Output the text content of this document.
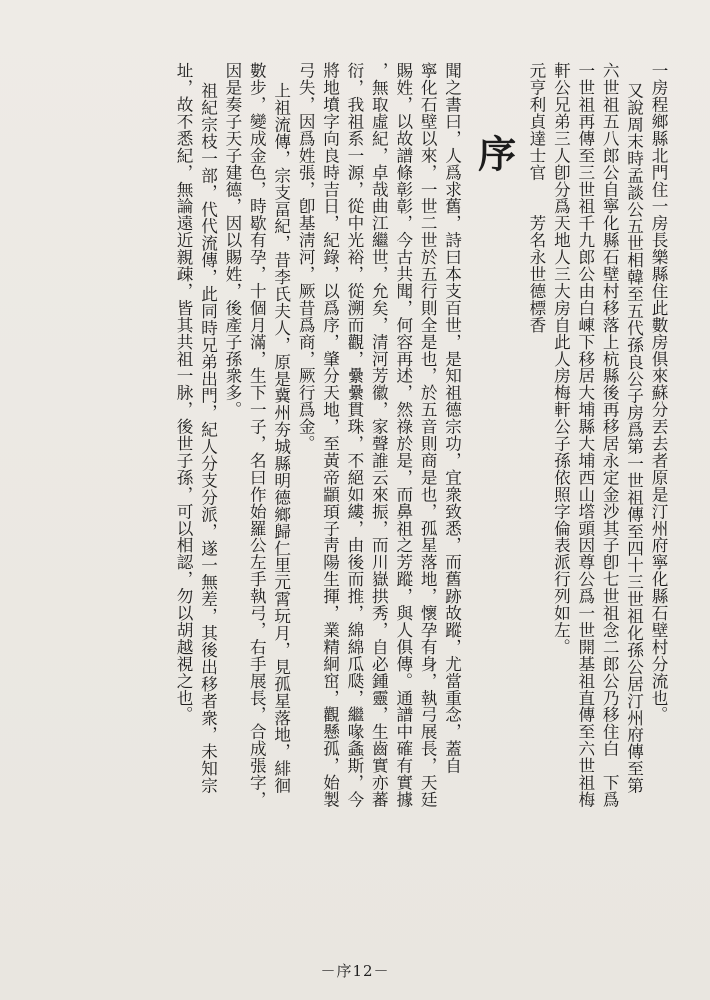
一房程鄉縣北門住一房長樂縣住此數房俱來蘇分丟去者原是汀州府寧化縣石壁村分流也。
又說周末時孟談公五世相韓至五代孫良公子房爲第一世祖傳至四十三世祖化孫公居汀州府傳至第
六世祖五八郎公自寧化縣石壁村移落上杭縣後再移居永定金沙其子卽七世祖念二郎公乃移住白　下爲
一世祖再傳至三世祖千九郎公由白崠下移居大埔縣大埔西山㙮頭因尊公爲一世開基祖直傳至六世祖梅
軒公兄弟三人卽分爲天地人三大房自此人房梅軒公子孫依照字倫表派行列如左。
元亨利貞達士官　　芳名永世德標香
序
聞之書曰，人爲求舊，詩曰本支百世，是知祖德宗功，宜衆致悉，而舊跡故蹤，尤當重念，蓋自
寧化石壁以來，一世二世於五行則全是也，於五音則商是也，孤星落地，懷孕有身，執弓展長，天廷
賜姓，以故譜條彰彰，今古共聞，何容再述，然祿於是，而鼻祖之芳蹤，與人俱傳。通譜中確有實據
，無取虛紀，卓哉曲江繼世，允矣，清河芳徽，家聲誰云來振，而川嶽拱秀，自必鍾靈，生齒實亦蕃
衍，我祖系一源，從中光裕，從溯而觀，纍纍貫珠，不絕如縷，由後而推，綿綿瓜瓞，繼喙螽斯，今
將地墳字向良時吉日，紀錄，以爲序，肇分天地，至黃帝顓頊子靑陽生揮，業精絅窋，觀懸孤，始製
弓失，因爲姓張，卽基淸河，厥昔爲商，厥行爲金。
上祖流傳，宗支畐紀，昔李氏夫人，原是冀州夯城縣明德鄉歸仁里元霄玩月，見孤星落地，緋徊
數步，變成金色，時歇有孕，十個月滿，生下一子，名曰作始羅公左手執弓，右手展長，合成張字，
因是奏子天子建德，因以賜姓，後產子孫衆多。
祖紀宗枝一部，代代流傳，此同時兄弟出門，紀人分支分派，遂一無差，其後出移者衆，未知宗
址，故不悉紀，無論遠近親疎，皆其共祖一脉，後世子孫，可以相認，勿以胡越視之也。
－序12－
